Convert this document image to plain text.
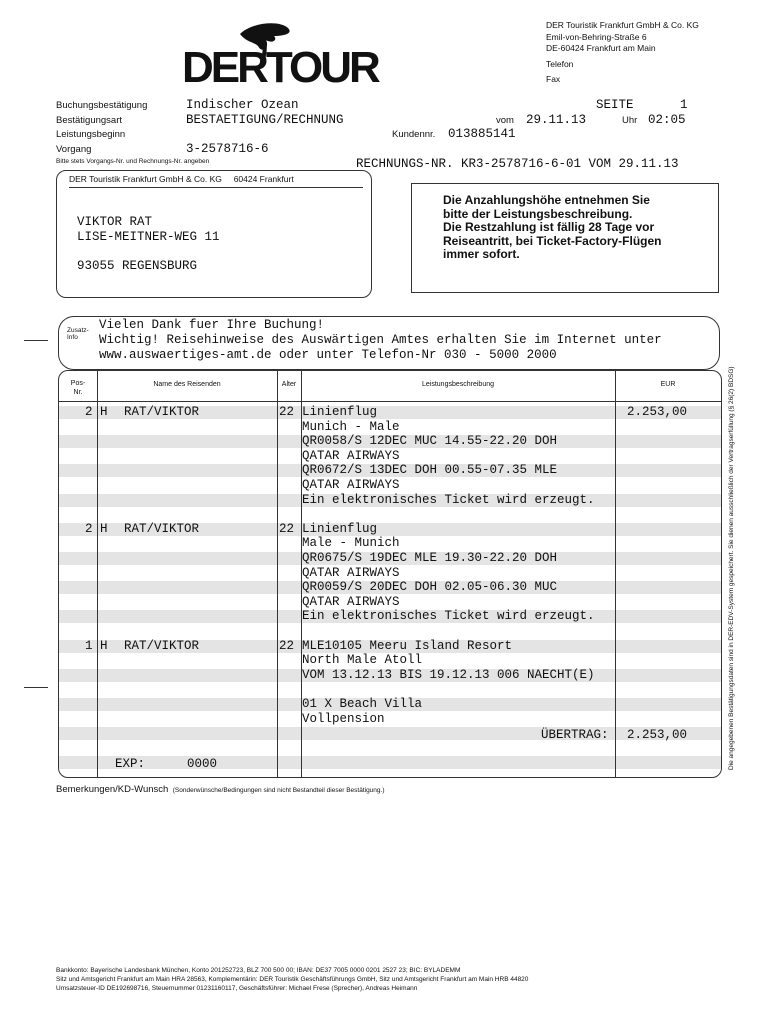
DERTOUR
DER Touristik Frankfurt GmbH & Co. KG
Emil-von-Behring-Straße 6
DE-60424 Frankfurt am Main
Telefon
Fax
Buchungsbestätigung	Indischer Ozean
Bestätigungsart	BESTAETIGUNG/RECHNUNG
Leistungsbeginn
Vorgang	3-2578716-6
Bitte stets Vorgangs-Nr. und Rechnungs-Nr. angeben
SEITE	1
vom 29.11.13	Uhr 02:05
Kundennr. 013885141
RECHNUNGS-NR. KR3-2578716-6-01 VOM 29.11.13
DER Touristik Frankfurt GmbH & Co. KG     60424 Frankfurt
VIKTOR RAT
LISE-MEITNER-WEG 11
93055 REGENSBURG
Die Anzahlungshöhe entnehmen Sie
bitte der Leistungsbeschreibung.
Die Restzahlung ist fällig 28 Tage vor
Reiseantritt, bei Ticket-Factory-Flügen
immer sofort.
Zusatz-
Info
Vielen Dank fuer Ihre Buchung!
Wichtig! Reisehinweise des Auswärtigen Amtes erhalten Sie im Internet unter
www.auswaertiges-amt.de oder unter Telefon-Nr 030 - 5000 2000
Pos-
Nr.
Name des Reisenden	Alter	Leistungsbeschreibung	EUR
2 H RAT/VIKTOR	22 Linienflug	2.253,00
Munich - Male
QR0058/S 12DEC MUC 14.55-22.20 DOH
QATAR AIRWAYS
QR0672/S 13DEC DOH 00.55-07.35 MLE
QATAR AIRWAYS
Ein elektronisches Ticket wird erzeugt.
2 H RAT/VIKTOR	22 Linienflug
Male - Munich
QR0675/S 19DEC MLE 19.30-22.20 DOH
QATAR AIRWAYS
QR0059/S 20DEC DOH 02.05-06.30 MUC
QATAR AIRWAYS
Ein elektronisches Ticket wird erzeugt.
1 H RAT/VIKTOR	22 MLE10105 Meeru Island Resort
North Male Atoll
VOM 13.12.13 BIS 19.12.13 006 NAECHT(E)
01 X Beach Villa
Vollpension
ÜBERTRAG: 2.253,00
EXP:	0000
Bemerkungen/KD-Wunsch (Sonderwünsche/Bedingungen sind nicht Bestandteil dieser Bestätigung.)
Die angegebenen Bestätigungsdaten sind in DER-EDV-System gespeichert. Sie dienen ausschließlich der Vertragserfüllung (§ 26(2) BDSG)
Bankkonto: Bayerische Landesbank München, Konto 201252723, BLZ 700 500 00; IBAN: DE37 7005 0000 0201 2527 23; BIC: BYLADEMM
Sitz und Amtsgericht Frankfurt am Main HRA 28563, Komplementärin: DER Touristik Geschäftsführungs GmbH, Sitz und Amtsgericht Frankfurt am Main HRB 44820
Umsatzsteuer-ID DE192698716, Steuernummer 01231160117, Geschäftsführer: Michael Frese (Sprecher), Andreas Heimann
